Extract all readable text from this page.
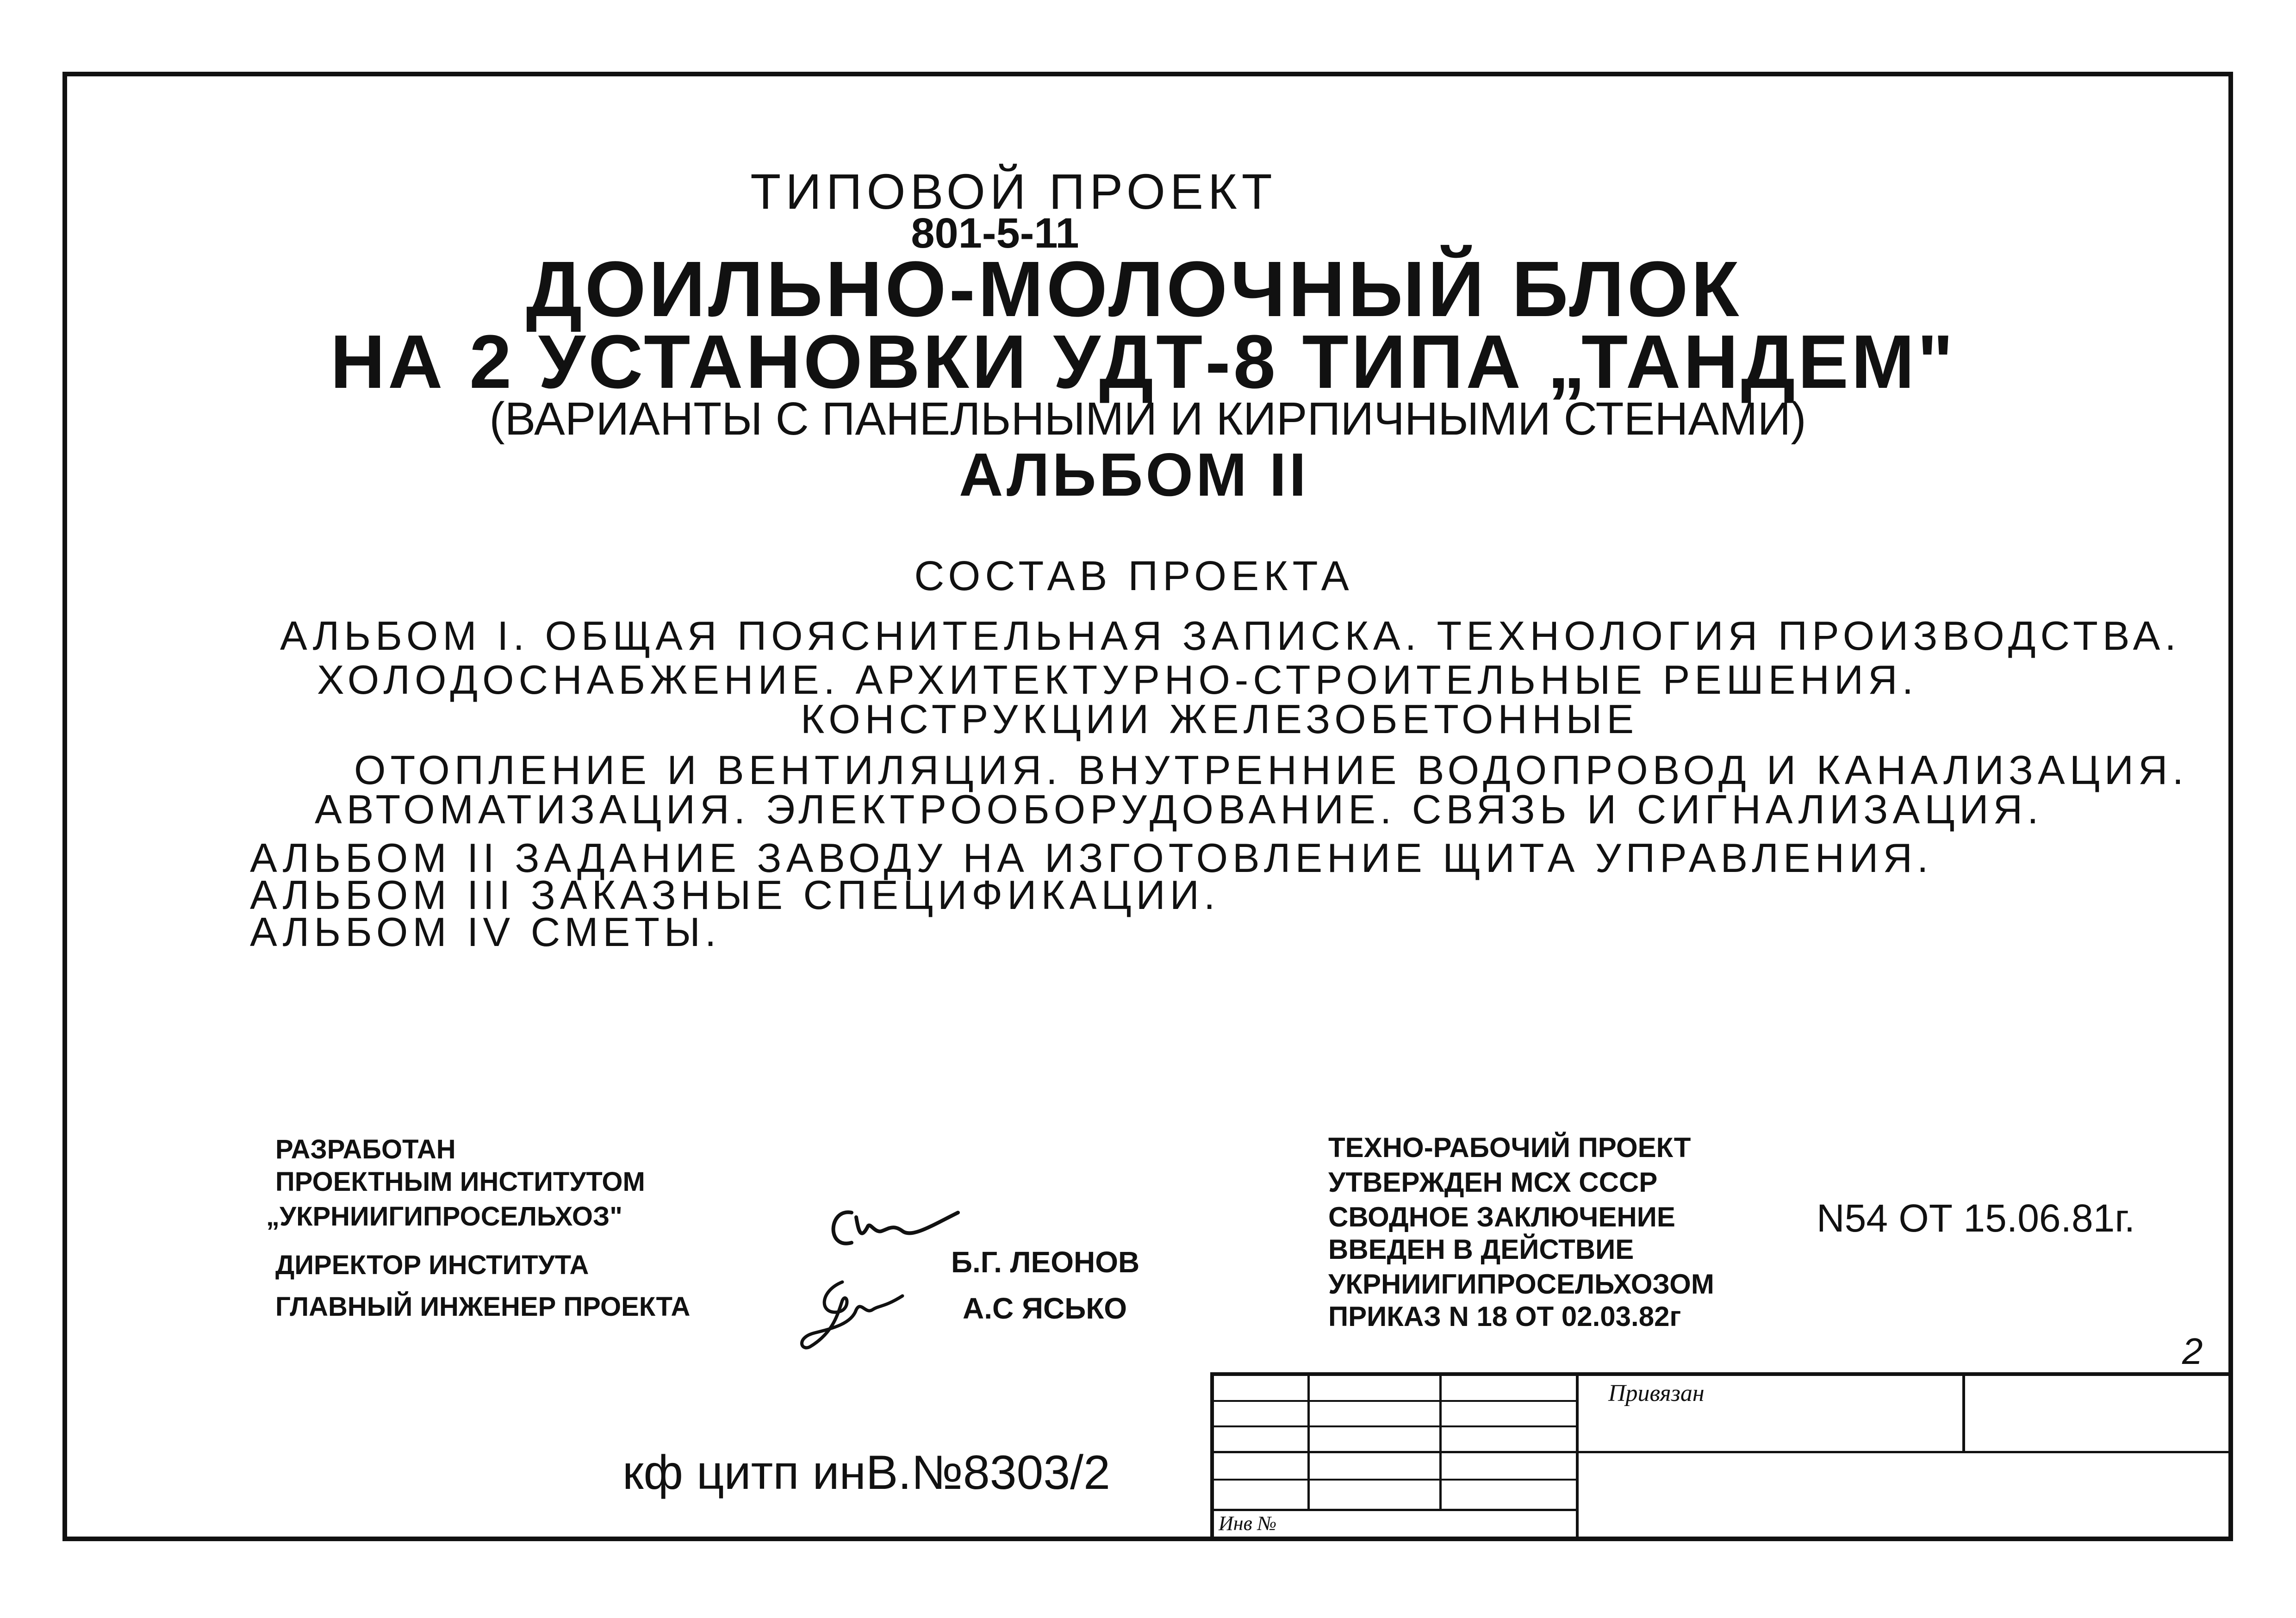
ТИПОВОЙ ПРОЕКТ
801-5-11
ДОИЛЬНО-МОЛОЧНЫЙ БЛОК
НА 2 УСТАНОВКИ УДТ-8 ТИПА „ТАНДЕМ"
(ВАРИАНТЫ С ПАНЕЛЬНЫМИ И КИРПИЧНЫМИ СТЕНАМИ)
АЛЬБОМ II
СОСТАВ ПРОЕКТА
АЛЬБОМ I. ОБЩАЯ ПОЯСНИТЕЛЬНАЯ ЗАПИСКА. ТЕХНОЛОГИЯ ПРОИЗВОДСТВА.
ХОЛОДОСНАБЖЕНИЕ. АРХИТЕКТУРНО-СТРОИТЕЛЬНЫЕ РЕШЕНИЯ.
КОНСТРУКЦИИ ЖЕЛЕЗОБЕТОННЫЕ
ОТОПЛЕНИЕ И ВЕНТИЛЯЦИЯ. ВНУТРЕННИЕ ВОДОПРОВОД И КАНАЛИЗАЦИЯ.
АВТОМАТИЗАЦИЯ. ЭЛЕКТРООБОРУДОВАНИЕ. СВЯЗЬ И СИГНАЛИЗАЦИЯ.
АЛЬБОМ II ЗАДАНИЕ ЗАВОДУ НА ИЗГОТОВЛЕНИЕ ЩИТА УПРАВЛЕНИЯ.
АЛЬБОМ III ЗАКАЗНЫЕ СПЕЦИФИКАЦИИ.
АЛЬБОМ IV СМЕТЫ.
РАЗРАБОТАН
ПРОЕКТНЫМ ИНСТИТУТОМ
„УКРНИИГИПРОСЕЛЬХОЗ"
ДИРЕКТОР ИНСТИТУТА	Б.Г. ЛЕОНОВ
ГЛАВНЫЙ ИНЖЕНЕР ПРОЕКТА	А.С ЯСЬКО
ТЕХНО-РАБОЧИЙ ПРОЕКТ
УТВЕРЖДЕН МСХ СССР
СВОДНОЕ ЗАКЛЮЧЕНИЕ
ВВЕДЕН В ДЕЙСТВИЕ
УКРНИИГИПРОСЕЛЬХОЗОМ
ПРИКАЗ N 18 ОТ 02.03.82г
N54 ОТ 15.06.81г.
кф цитп инВ.№8303/2
2
Привязан
Инв №
